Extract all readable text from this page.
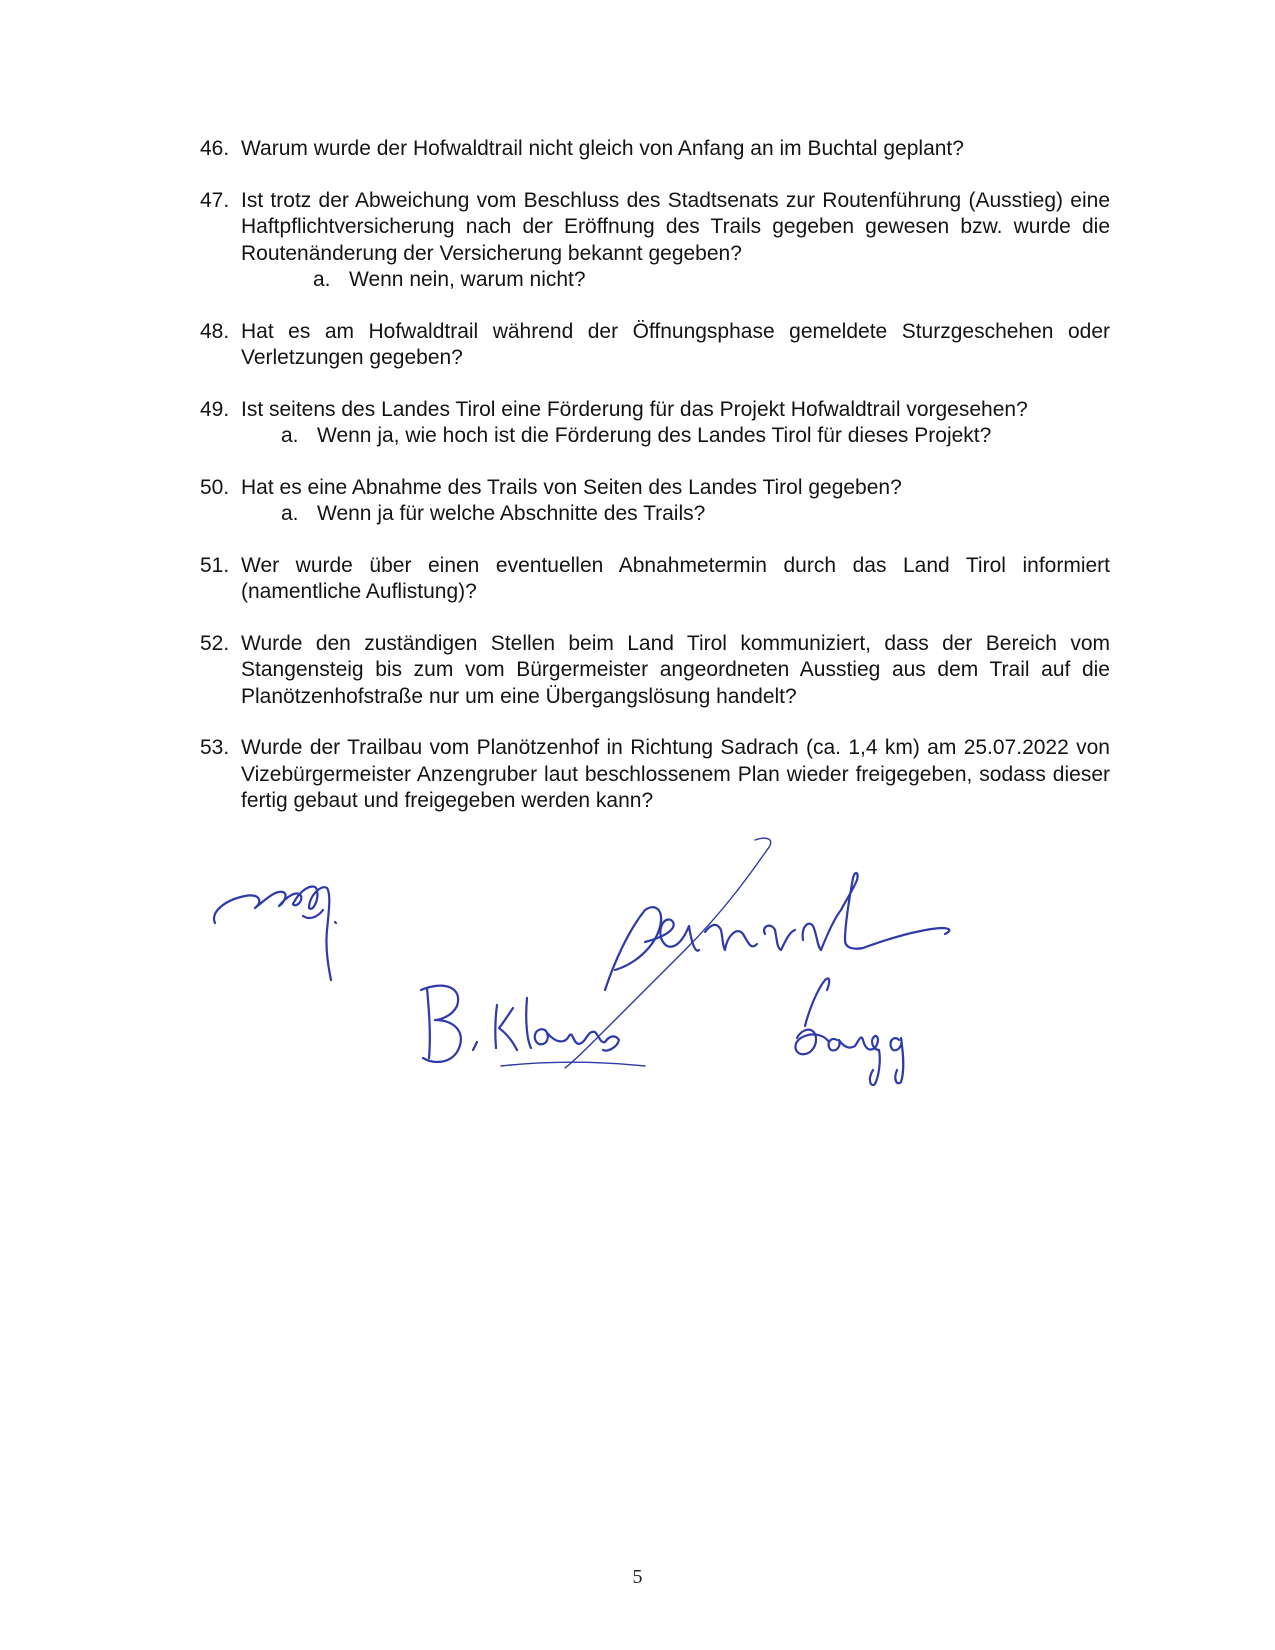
46. Warum wurde der Hofwaldtrail nicht gleich von Anfang an im Buchtal geplant?
47. Ist trotz der Abweichung vom Beschluss des Stadtsenats zur Routenführung (Ausstieg) eine Haftpflichtversicherung nach der Eröffnung des Trails gegeben gewesen bzw. wurde die Routenänderung der Versicherung bekannt gegeben?
a. Wenn nein, warum nicht?
48. Hat es am Hofwaldtrail während der Öffnungsphase gemeldete Sturzgeschehen oder Verletzungen gegeben?
49. Ist seitens des Landes Tirol eine Förderung für das Projekt Hofwaldtrail vorgesehen?
a. Wenn ja, wie hoch ist die Förderung des Landes Tirol für dieses Projekt?
50. Hat es eine Abnahme des Trails von Seiten des Landes Tirol gegeben?
a. Wenn ja für welche Abschnitte des Trails?
51. Wer wurde über einen eventuellen Abnahmetermin durch das Land Tirol informiert (namentliche Auflistung)?
52. Wurde den zuständigen Stellen beim Land Tirol kommuniziert, dass der Bereich vom Stangensteig bis zum vom Bürgermeister angeordneten Ausstieg aus dem Trail auf die Planötzenhofstraße nur um eine Übergangslösung handelt?
53. Wurde der Trailbau vom Planötzenhof in Richtung Sadrach (ca. 1,4 km) am 25.07.2022 von Vizebürgermeister Anzengruber laut beschlossenem Plan wieder freigegeben, sodass dieser fertig gebaut und freigegeben werden kann?
5
